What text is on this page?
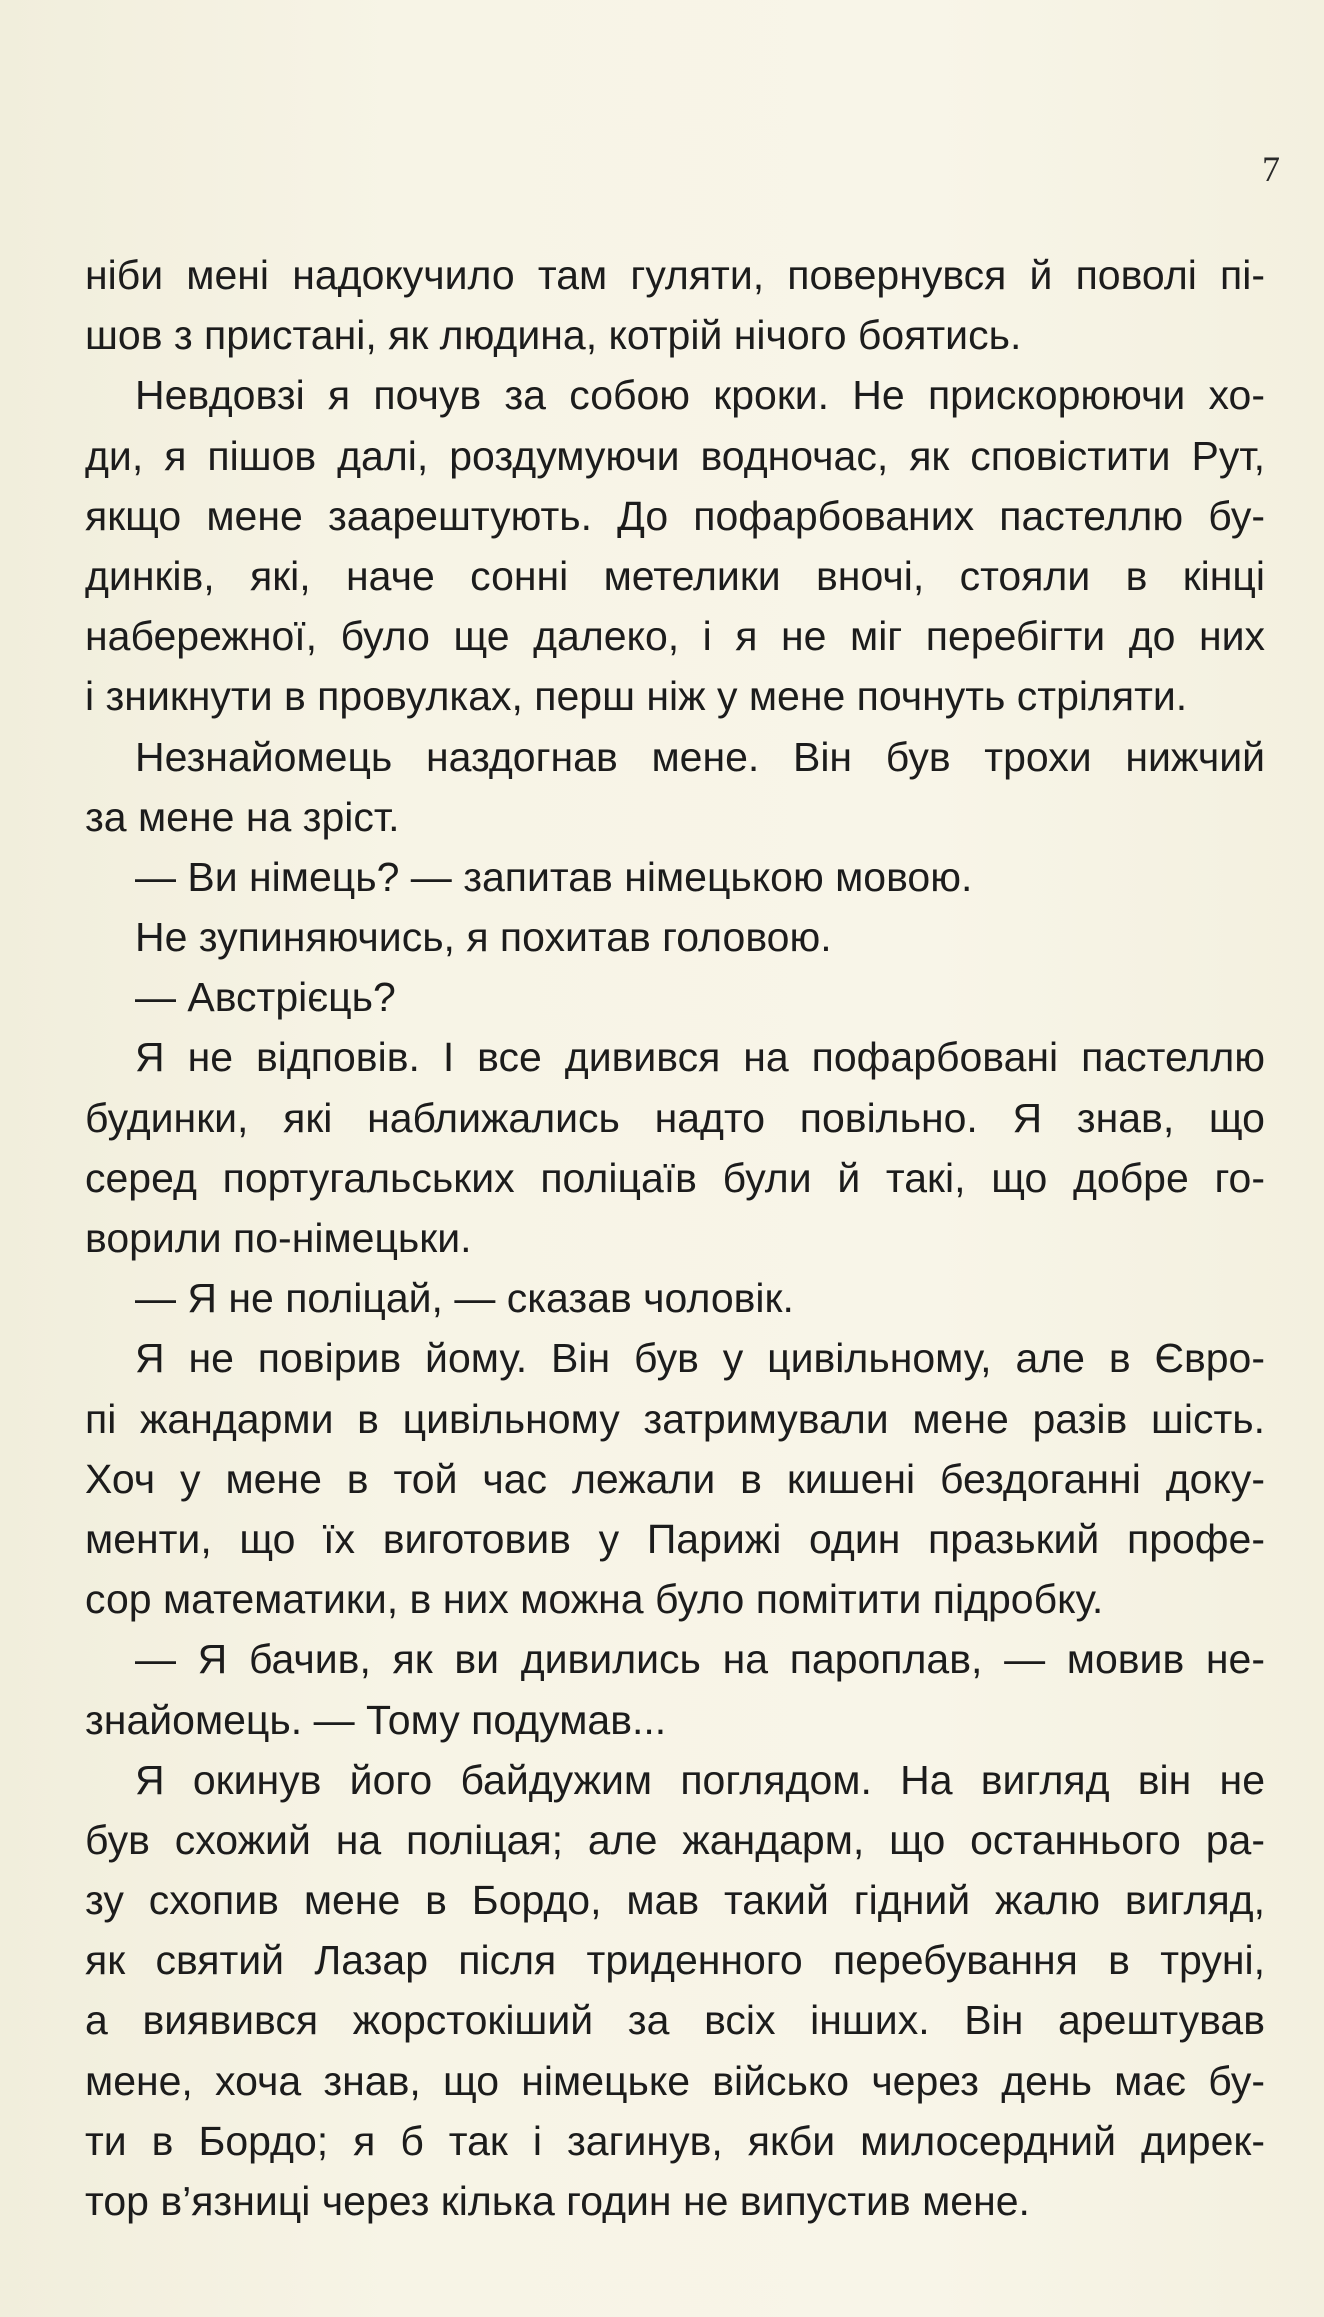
7
ніби мені надокучило там гуляти, повернувся й поволі пі-
шов з пристані, як людина, котрій нічого боятись.
Невдовзі я почув за собою кроки. Не прискорюючи хо-
ди, я пішов далі, роздумуючи водночас, як сповістити Рут,
якщо мене заарештують. До пофарбованих пастеллю бу-
динків, які, наче сонні метелики вночі, стояли в кінці
набережної, було ще далеко, і я не міг перебігти до них
і зникнути в провулках, перш ніж у мене почнуть стріляти.
Незнайомець наздогнав мене. Він був трохи нижчий
за мене на зріст.
— Ви німець? — запитав німецькою мовою.
Не зупиняючись, я похитав головою.
— Австрієць?
Я не відповів. І все дивився на пофарбовані пастеллю
будинки, які наближались надто повільно. Я знав, що
серед португальських поліцаїв були й такі, що добре го-
ворили по-німецьки.
— Я не поліцай, — сказав чоловік.
Я не повірив йому. Він був у цивільному, але в Євро-
пі жандарми в цивільному затримували мене разів шість.
Хоч у мене в той час лежали в кишені бездоганні доку-
менти, що їх виготовив у Парижі один празький профе-
сор математики, в них можна було помітити підробку.
— Я бачив, як ви дивились на пароплав, — мовив не-
знайомець. — Тому подумав...
Я окинув його байдужим поглядом. На вигляд він не
був схожий на поліцая; але жандарм, що останнього ра-
зу схопив мене в Бордо, мав такий гідний жалю вигляд,
як святий Лазар після триденного перебування в труні,
а виявився жорстокіший за всіх інших. Він арештував
мене, хоча знав, що німецьке військо через день має бу-
ти в Бордо; я б так і загинув, якби милосердний дирек-
тор в’язниці через кілька годин не випустив мене.
